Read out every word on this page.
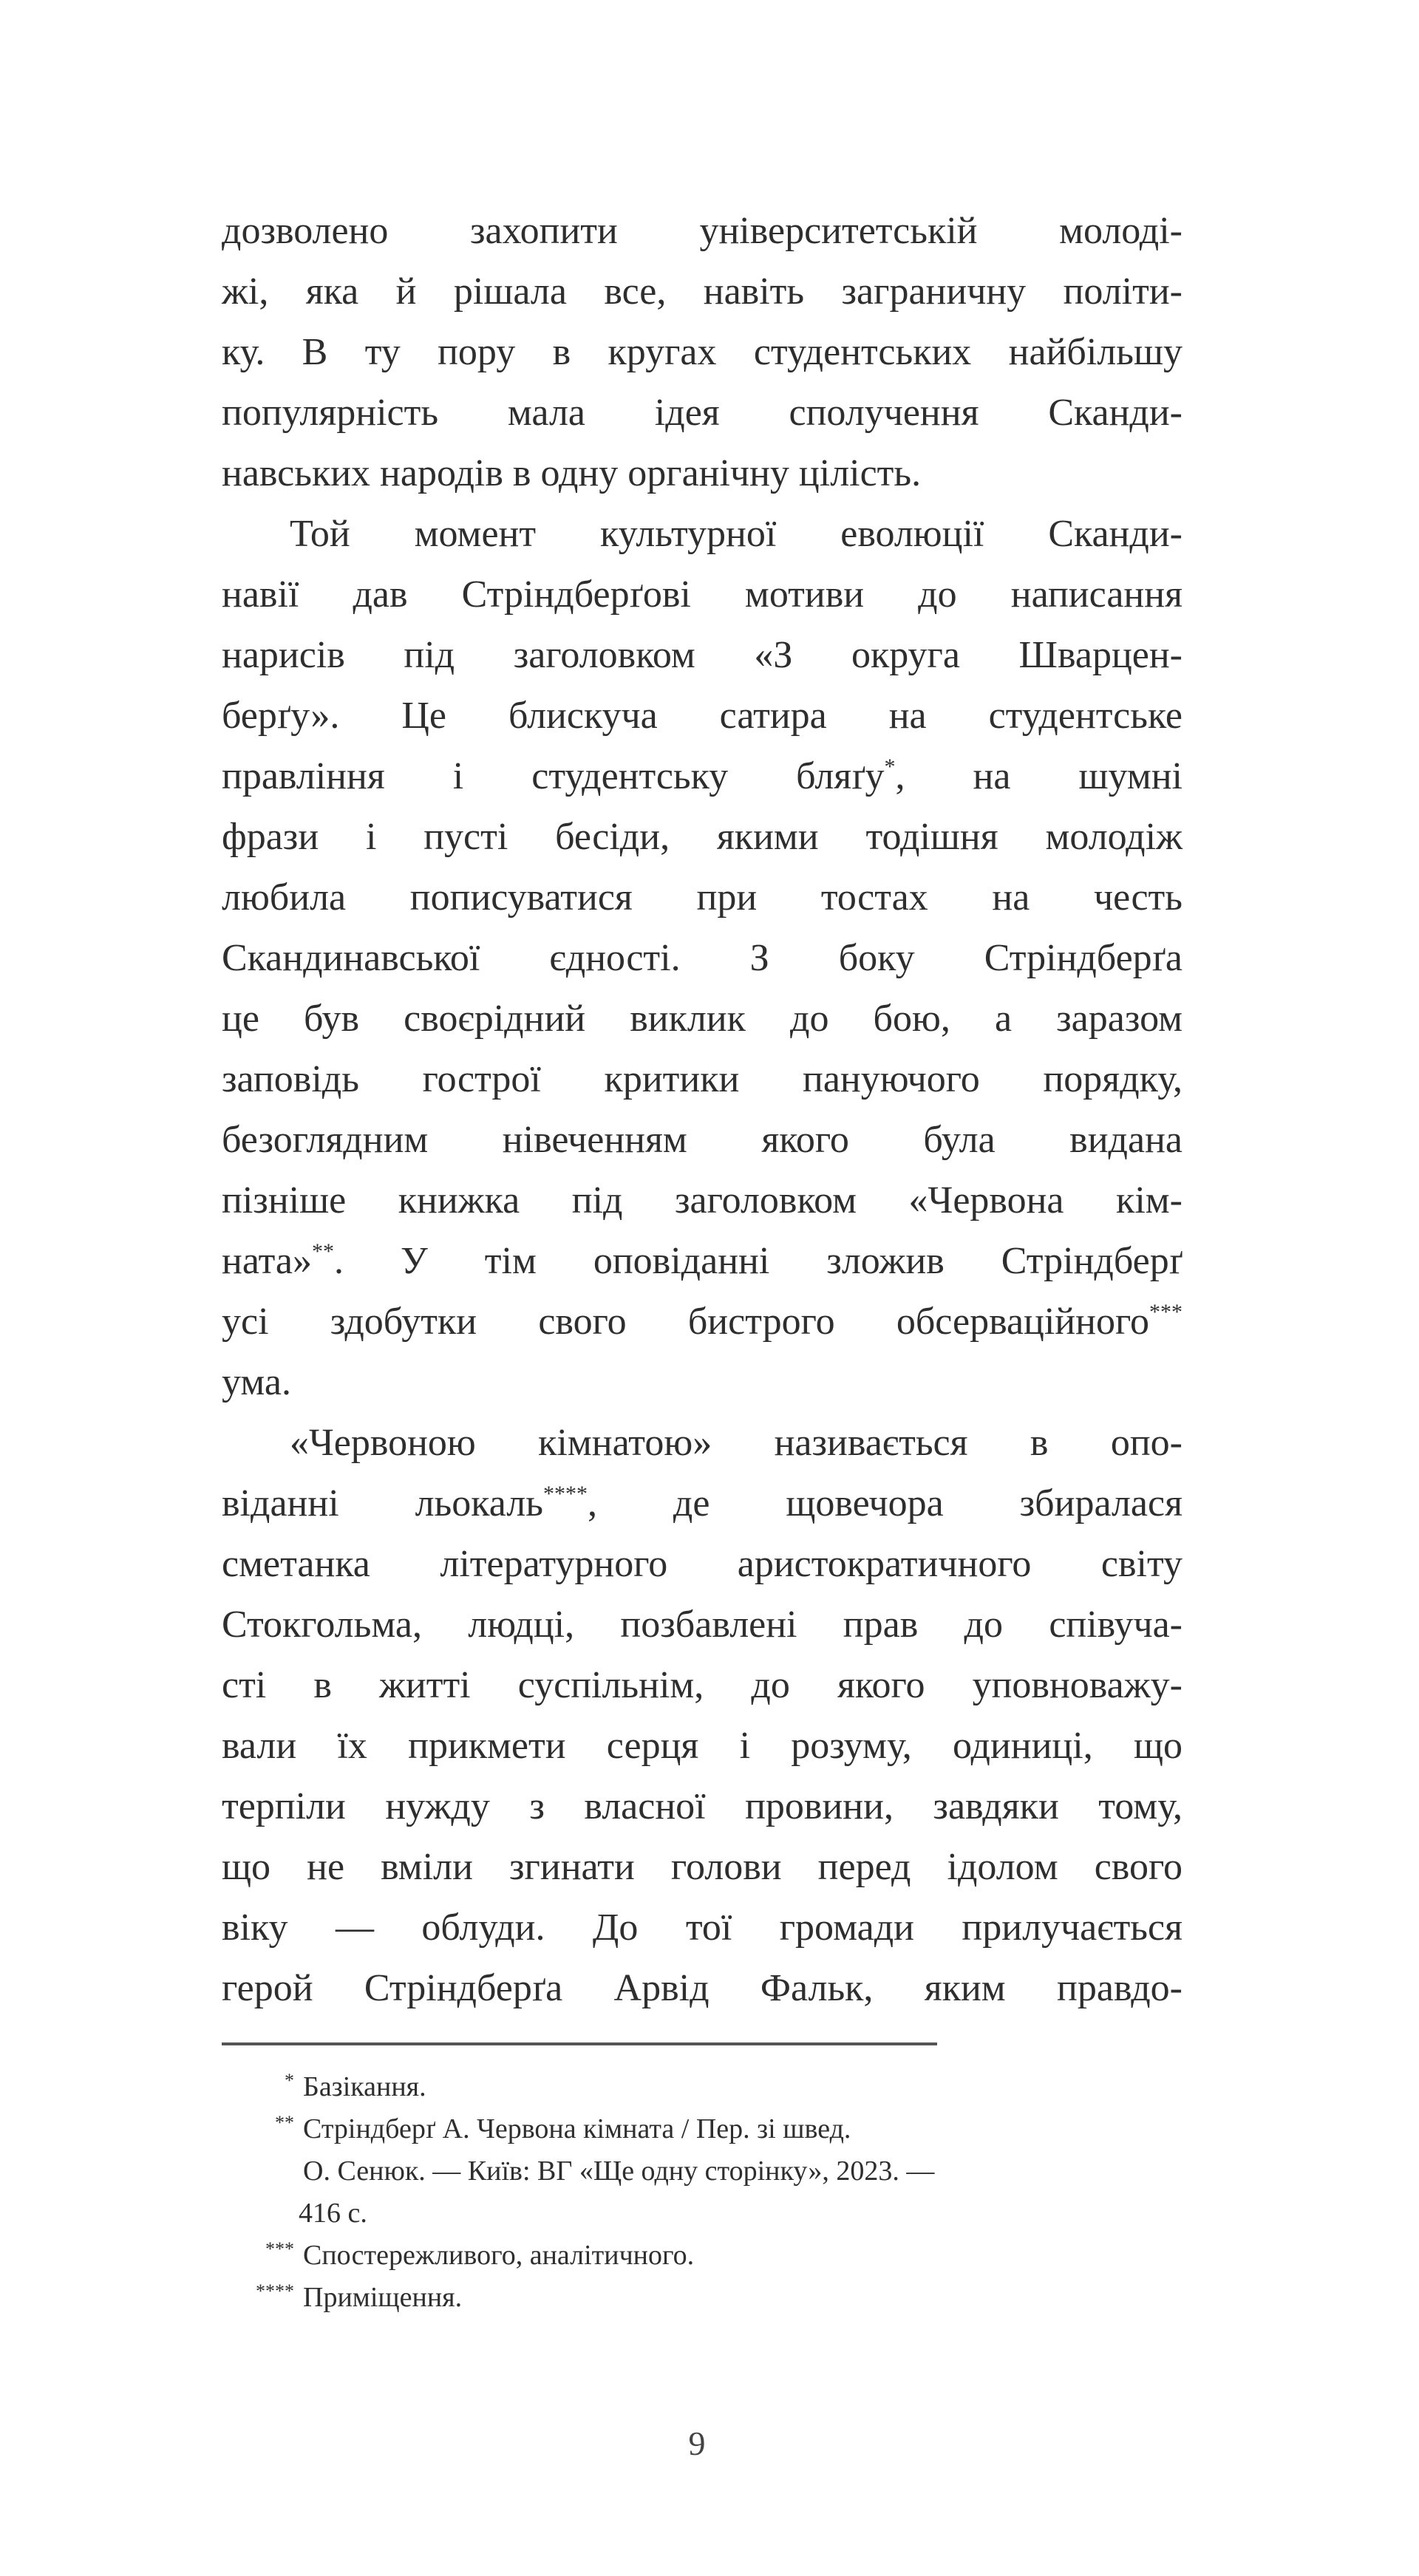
дозволено захопити університетській молоді-
жі, яка й рішала все, навіть заграничну політи-
ку. В ту пору в кругах студентських найбільшу
популярність мала ідея сполучення Сканди-
навських народів в одну органічну цілість.
Той момент культурної еволюції Сканди-
навії дав Стріндберґові мотиви до написання
нарисів під заголовком «З округа Шварцен-
берґу». Це блискуча сатира на студентське
правління і студентську бляґу*, на шумні
фрази і пусті бесіди, якими тодішня молодіж
любила пописуватися при тостах на честь
Скандинавської єдності. З боку Стріндберґа
це був своєрідний виклик до бою, а заразом
заповідь гострої критики пануючого порядку,
безоглядним нівеченням якого була видана
пізніше книжка під заголовком «Червона кім-
ната»**. У тім оповіданні зложив Стріндберґ
усі здобутки свого бистрого обсерваційного***
ума.
«Червоною кімнатою» називається в опо-
віданні льокаль****, де щовечора збиралася
сметанка літературного аристократичного світу
Стокгольма, людці, позбавлені прав до співуча-
сті в житті суспільнім, до якого уповноважу-
вали їх прикмети серця і розуму, одиниці, що
терпіли нужду з власної провини, завдяки тому,
що не вміли згинати голови перед ідолом свого
віку — облуди. До тої громади прилучається
герой Стріндберґа Арвід Фальк, яким правдо-
* Базікання.
** Стріндберґ А. Червона кімната / Пер. зі швед.
О. Сенюк. — Київ: ВГ «Ще одну сторінку», 2023. —
416 с.
*** Спостережливого, аналітичного.
**** Приміщення.
9
